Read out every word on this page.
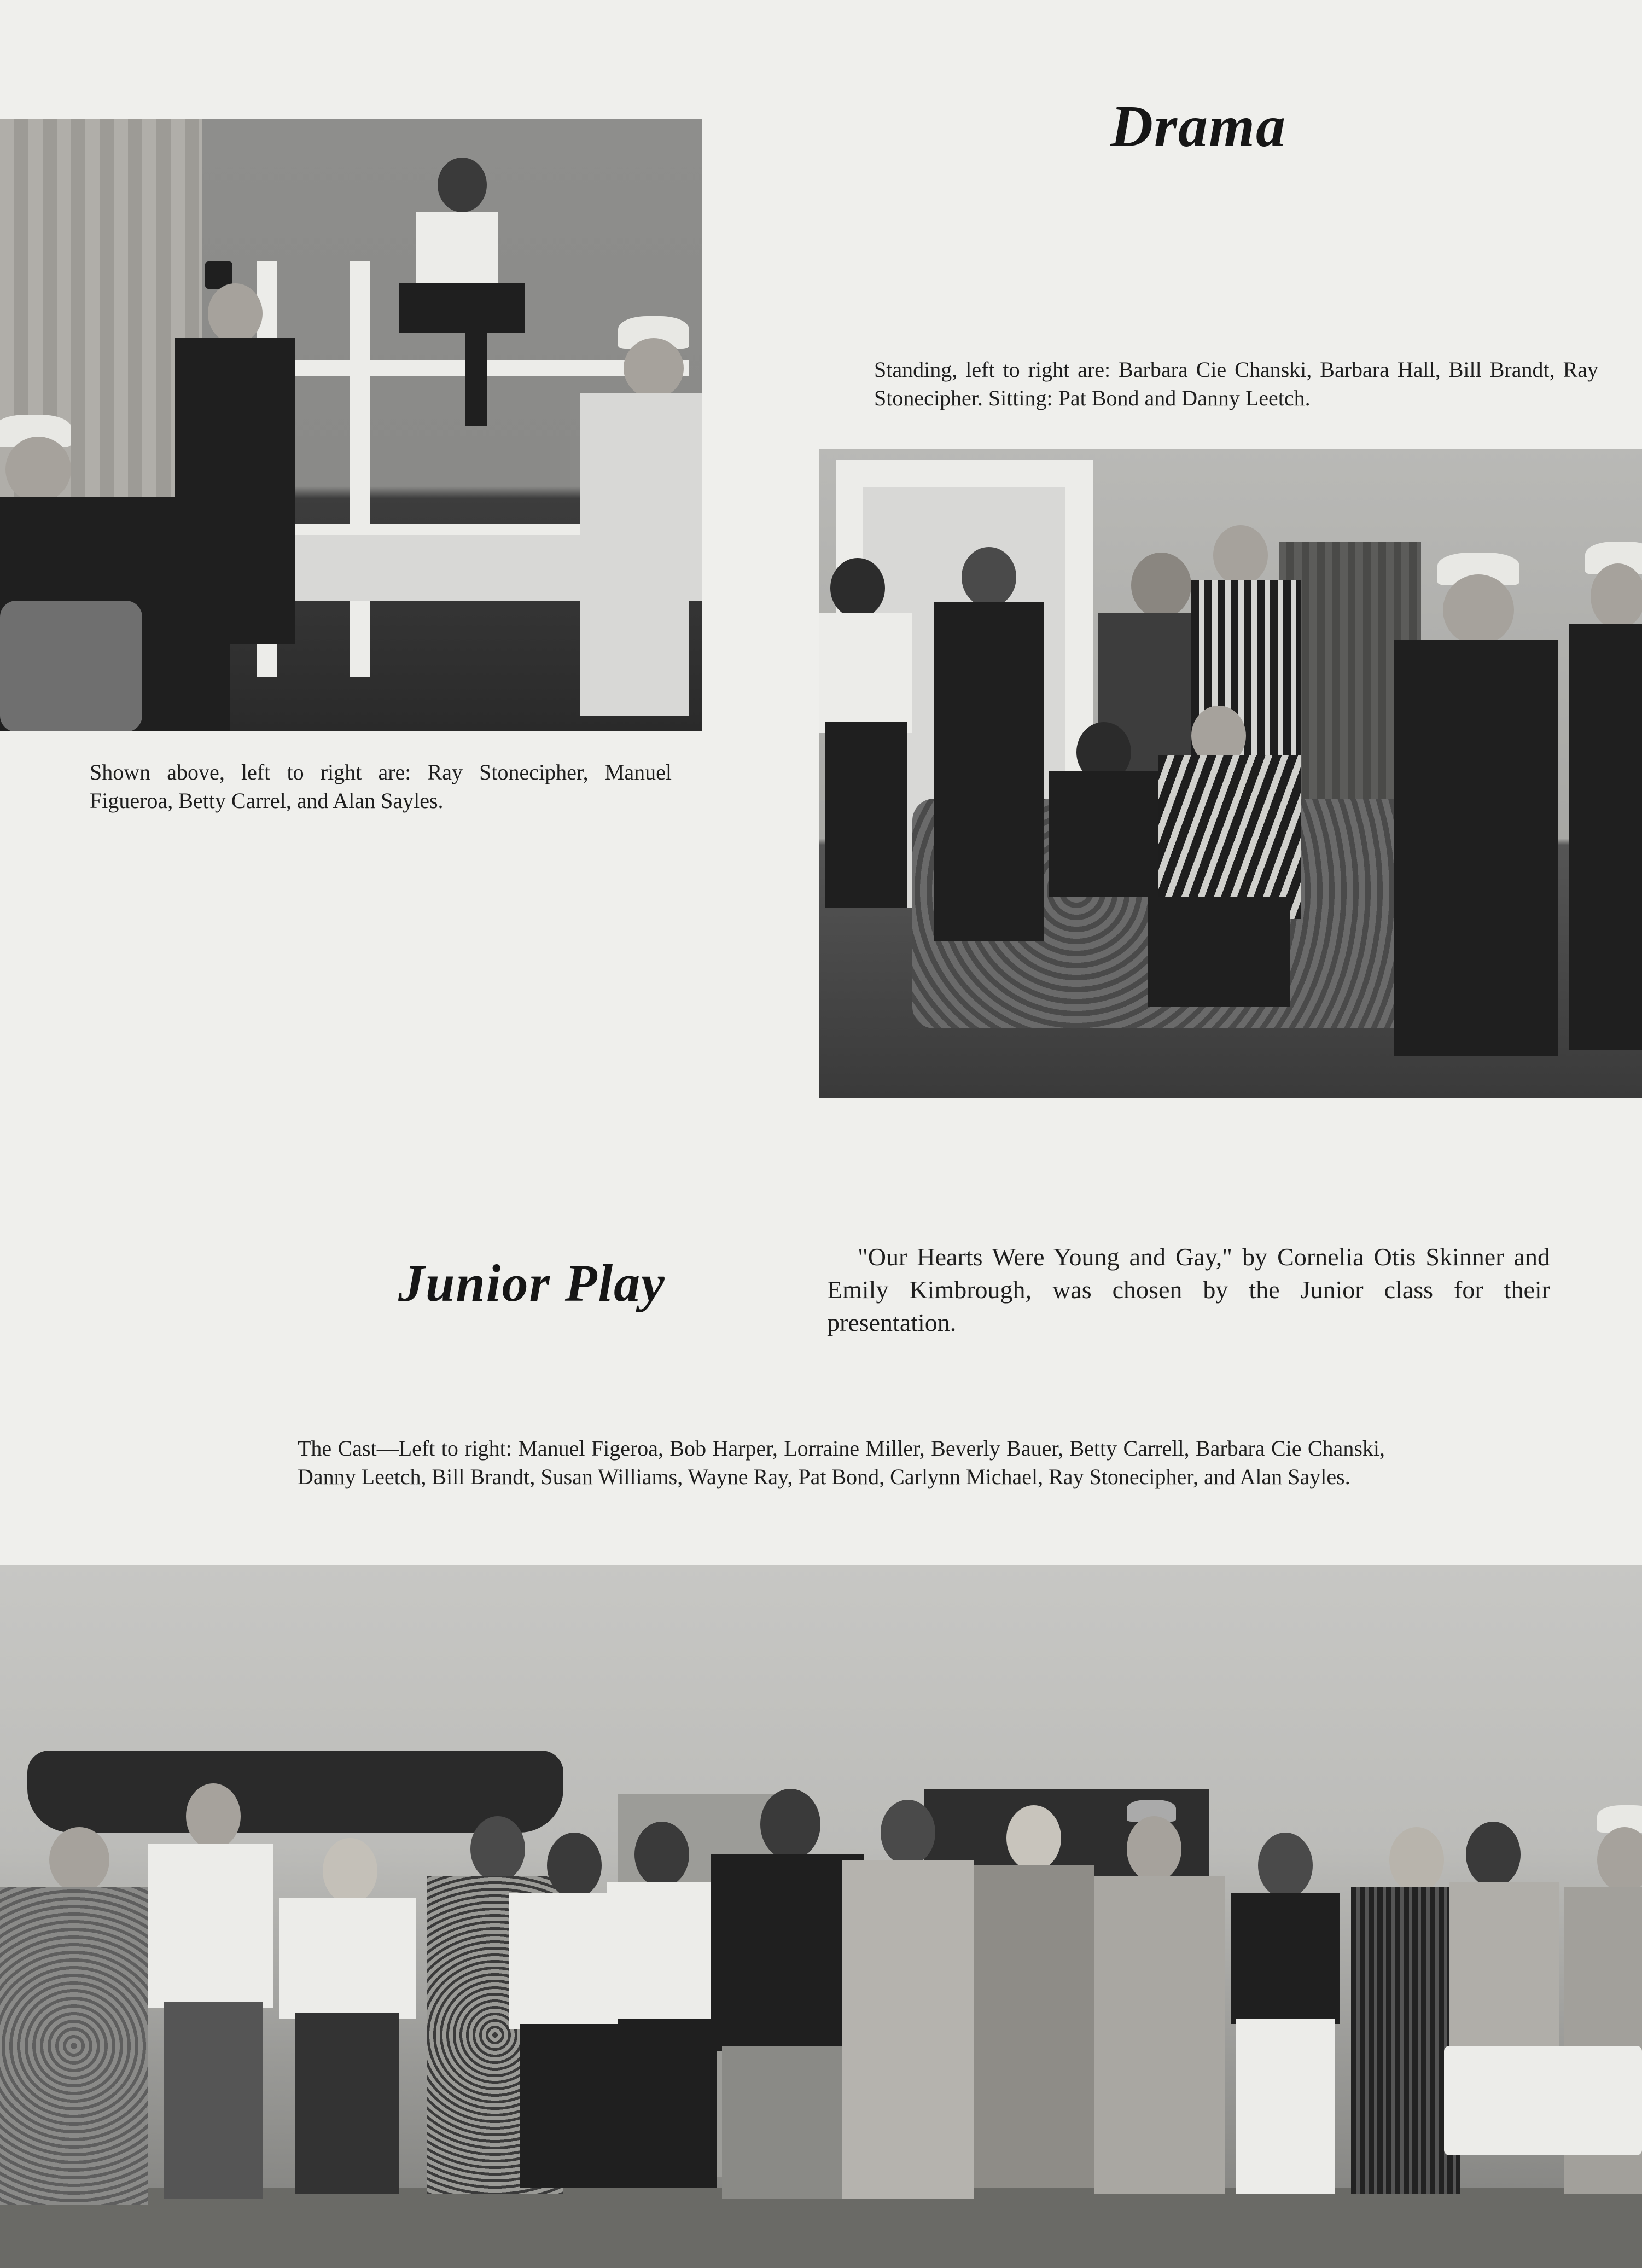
Drama

Standing, left to right are: Barbara Cie Chanski, Barbara Hall, Bill Brandt, Ray Stonecipher. Sitting: Pat Bond and Danny Leetch.

Shown above, left to right are: Ray Stonecipher, Manuel Figueroa, Betty Carrel, and Alan Sayles.

Junior Play	"Our Hearts Were Young and Gay," by Cornelia Otis Skinner and Emily Kimbrough, was chosen by the Junior class for their presentation.

The Cast—Left to right: Manuel Figeroa, Bob Harper, Lorraine Miller, Beverly Bauer, Betty Carrell, Barbara Cie Chanski, Danny Leetch, Bill Brandt, Susan Williams, Wayne Ray, Pat Bond, Carlynn Michael, Ray Stonecipher, and Alan Sayles.
